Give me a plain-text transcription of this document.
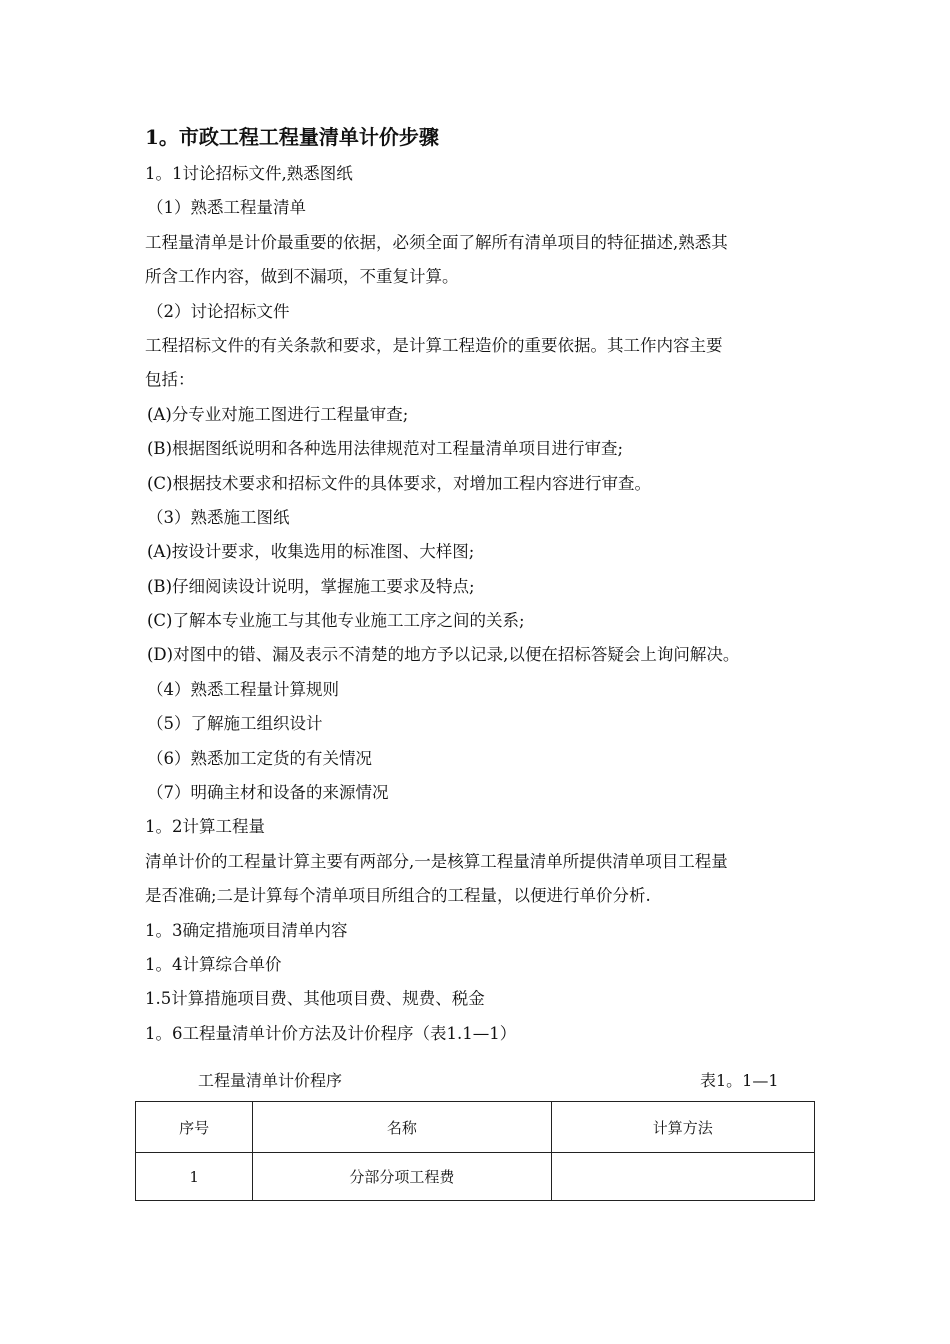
1。市政工程工程量清单计价步骤
1。1讨论招标文件,熟悉图纸
（1）熟悉工程量清单
工程量清单是计价最重要的依据，必须全面了解所有清单项目的特征描述,熟悉其
所含工作内容，做到不漏项，不重复计算。
（2）讨论招标文件
工程招标文件的有关条款和要求，是计算工程造价的重要依据。其工作内容主要
包括：
(A)分专业对施工图进行工程量审查;
(B)根据图纸说明和各种选用法律规范对工程量清单项目进行审查;
(C)根据技术要求和招标文件的具体要求，对增加工程内容进行审查。
（3）熟悉施工图纸
(A)按设计要求，收集选用的标准图、大样图;
(B)仔细阅读设计说明，掌握施工要求及特点;
(C)了解本专业施工与其他专业施工工序之间的关系;
(D)对图中的错、漏及表示不清楚的地方予以记录,以便在招标答疑会上询问解决。
（4）熟悉工程量计算规则
（5）了解施工组织设计
（6）熟悉加工定货的有关情况
（7）明确主材和设备的来源情况
1。2计算工程量
清单计价的工程量计算主要有两部分,一是核算工程量清单所提供清单项目工程量
是否准确;二是计算每个清单项目所组合的工程量，以便进行单价分析.
1。3确定措施项目清单内容
1。4计算综合单价
1.5计算措施项目费、其他项目费、规费、税金
1。6工程量清单计价方法及计价程序（表1.1—1）
工程量清单计价程序	表1。1—1
序号	名称	计算方法
1	分部分项工程费	
